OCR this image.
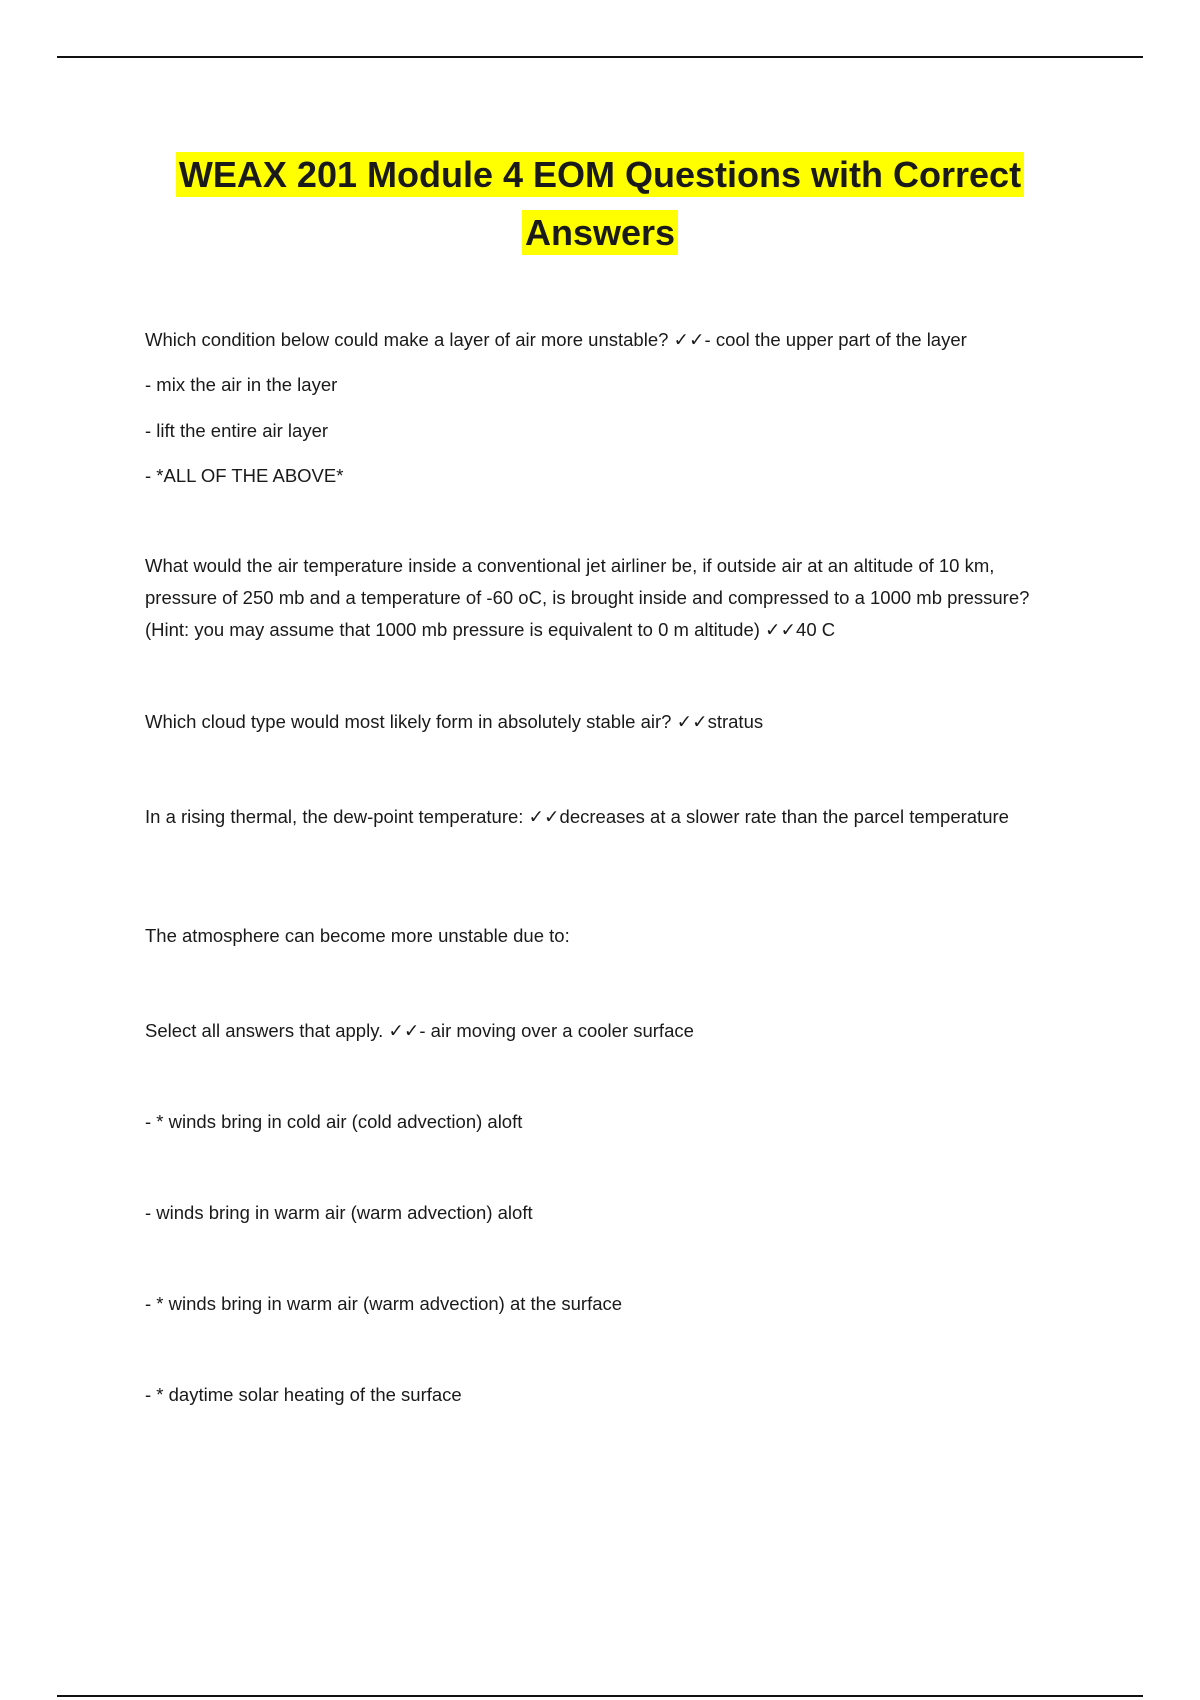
WEAX 201 Module 4 EOM Questions with Correct
Answers

Which condition below could make a layer of air more unstable? ✓✓- cool the upper part of the layer

- mix the air in the layer

- lift the entire air layer

- *ALL OF THE ABOVE*

What would the air temperature inside a conventional jet airliner be, if outside air at an altitude of 10 km, pressure of 250 mb and a temperature of -60 oC, is brought inside and compressed to a 1000 mb pressure? (Hint: you may assume that 1000 mb pressure is equivalent to 0 m altitude) ✓✓40 C

Which cloud type would most likely form in absolutely stable air? ✓✓stratus

In a rising thermal, the dew-point temperature: ✓✓decreases at a slower rate than the parcel temperature

The atmosphere can become more unstable due to:

Select all answers that apply. ✓✓- air moving over a cooler surface

- * winds bring in cold air (cold advection) aloft

- winds bring in warm air (warm advection) aloft

- * winds bring in warm air (warm advection) at the surface

- * daytime solar heating of the surface
